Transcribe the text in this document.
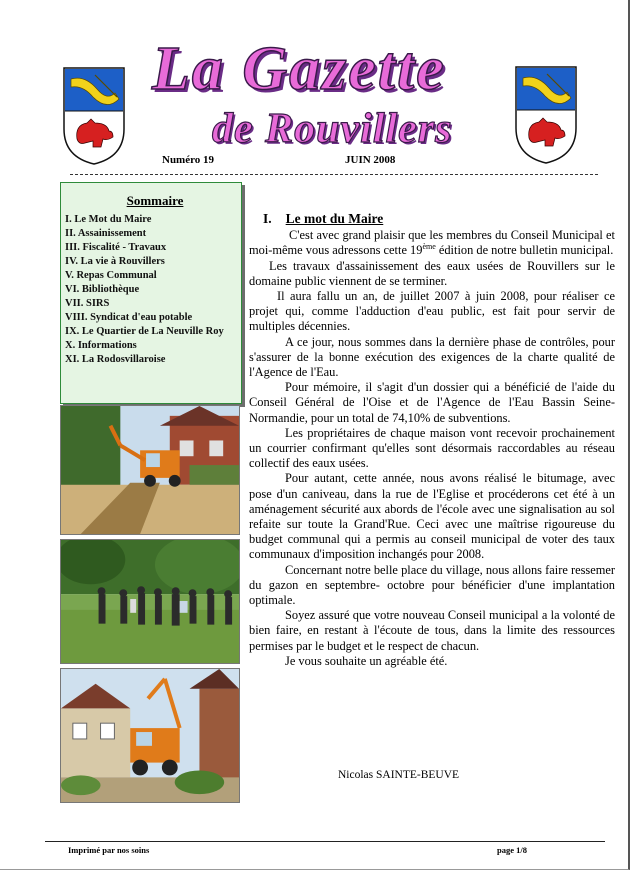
La Gazette
de Rouvillers
Numéro 19	JUIN 2008
Sommaire
I. Le Mot du Maire
II. Assainissement
III. Fiscalité - Travaux
IV. La vie à Rouvillers
V. Repas Communal
VI. Bibliothèque
VII. SIRS
VIII. Syndicat d'eau potable
IX. Le Quartier de La Neuville Roy
X. Informations
XI. La Rodosvillaroise
I. Le mot du Maire

C'est avec grand plaisir que les membres du Conseil Municipal et moi-même vous adressons cette 19ème édition de notre bulletin municipal.

Les travaux d'assainissement des eaux usées de Rouvillers sur le domaine public viennent de se terminer.

Il aura fallu un an, de juillet 2007 à juin 2008, pour réaliser ce projet qui, comme l'adduction d'eau public, est fait pour servir de multiples décennies.

A ce jour, nous sommes dans la dernière phase de contrôles, pour s'assurer de la bonne exécution des exigences de la charte qualité de l'Agence de l'Eau.

Pour mémoire, il s'agit d'un dossier qui a bénéficié de l'aide du Conseil Général de l'Oise et de l'Agence de l'Eau Bassin Seine-Normandie, pour un total de 74,10% de subventions.

Les propriétaires de chaque maison vont recevoir prochainement un courrier confirmant qu'elles sont désormais raccordables au réseau collectif des eaux usées.

Pour autant, cette année, nous avons réalisé le bitumage, avec pose d'un caniveau, dans la rue de l'Eglise et procéderons cet été à un aménagement sécurité aux abords de l'école avec une signalisation au sol refaite sur toute la Grand'Rue. Ceci avec une maîtrise rigoureuse du budget communal qui a permis au conseil municipal de voter des taux communaux d'imposition inchangés pour 2008.

Concernant notre belle place du village, nous allons faire ressemer du gazon en septembre- octobre pour bénéficier d'une implantation optimale.

Soyez assuré que votre nouveau Conseil municipal a la volonté de bien faire, en restant à l'écoute de tous, dans la limite des ressources permises par le budget et le respect de chacun.

Je vous souhaite un agréable été.

Nicolas SAINTE-BEUVE
Imprimé par nos soins	page 1/8
